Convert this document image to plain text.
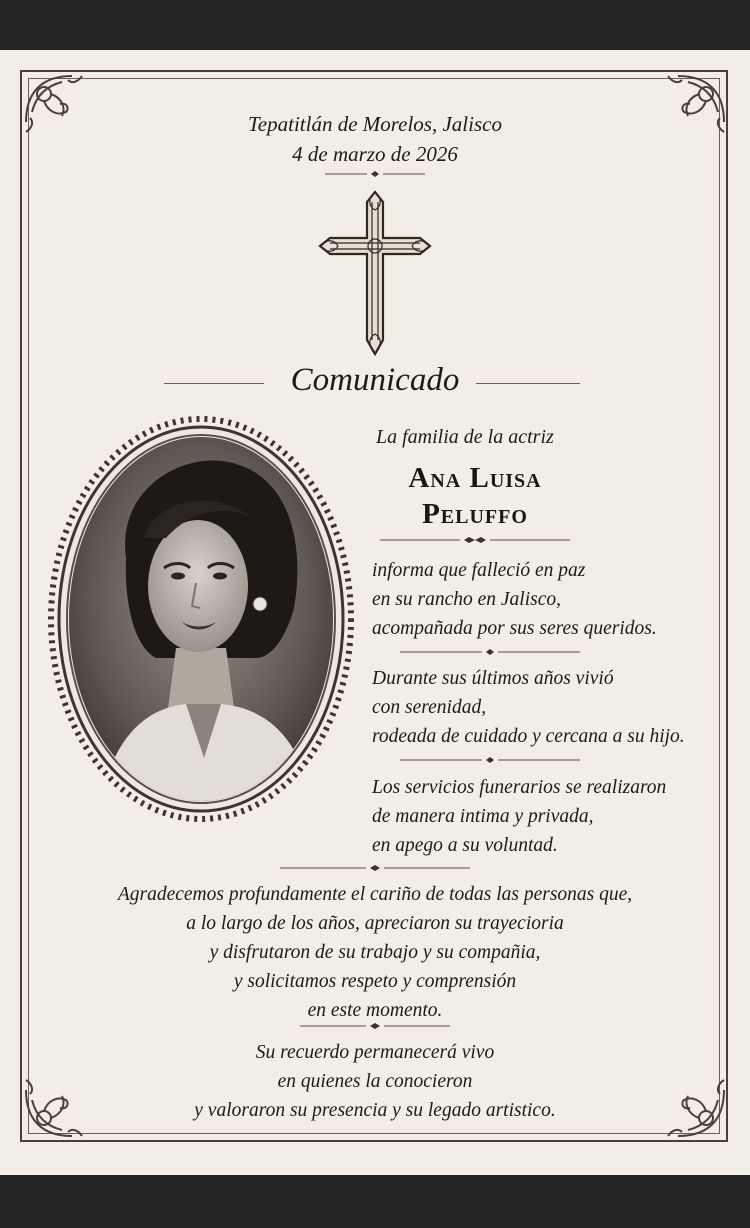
Tepatitlán de Morelos, Jalisco
4 de marzo de 2026
Comunicado
La familia de la actriz
Ana Luisa
Peluffo
informa que falleció en paz
en su rancho en Jalisco,
acompañada por sus seres queridos.
Durante sus últimos años vivió
con serenidad,
rodeada de cuidado y cercana a su hijo.
Los servicios funerarios se realizaron
de manera intima y privada,
en apego a su voluntad.
Agradecemos profundamente el cariño de todas las personas que,
a lo largo de los años, apreciaron su trayecioria
y disfrutaron de su trabajo y su compañia,
y solicitamos respeto y comprensión
en este momento.
Su recuerdo permanecerá vivo
en quienes la conocieron
y valoraron su presencia y su legado artistico.
